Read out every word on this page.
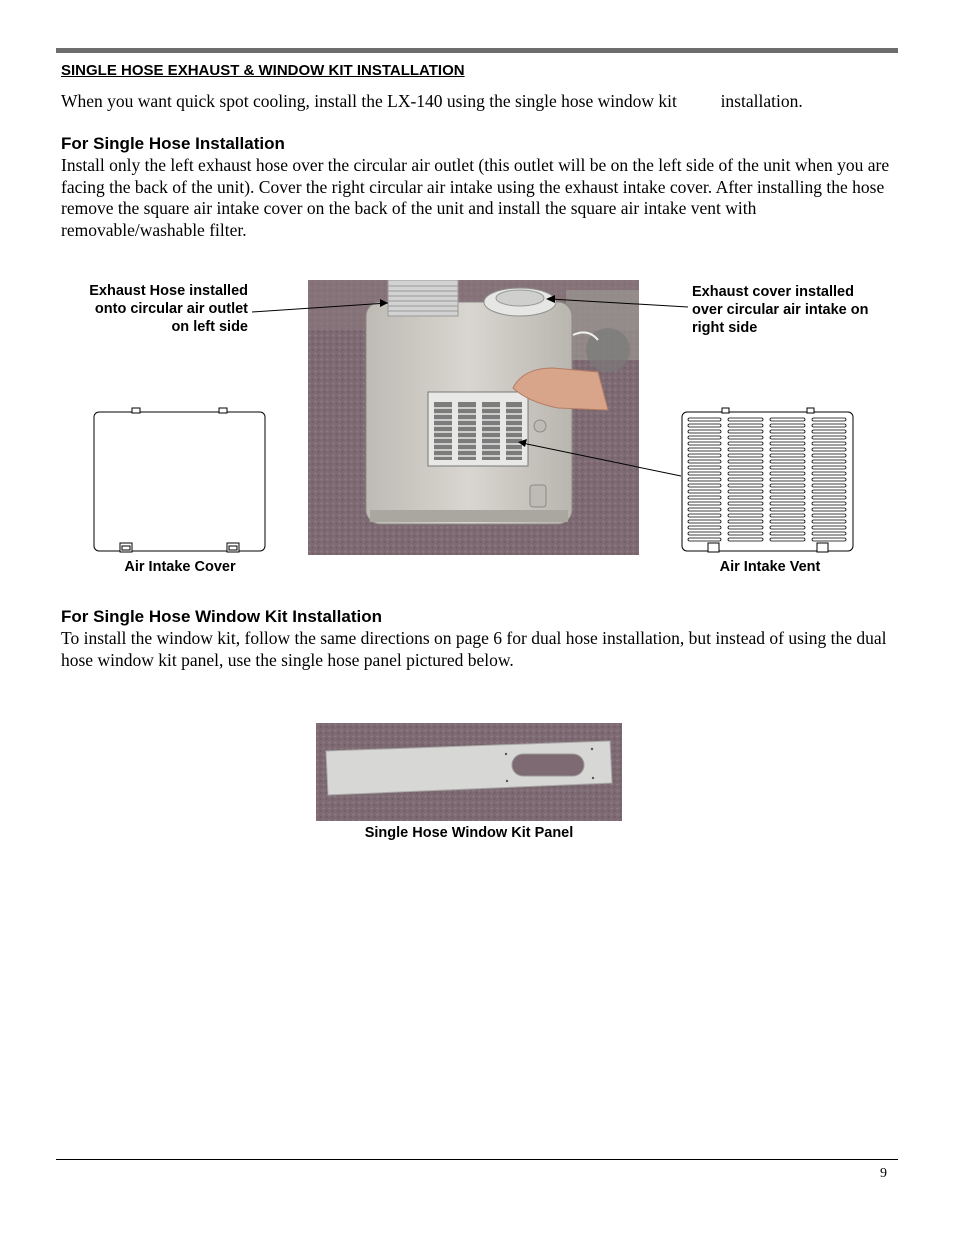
SINGLE HOSE EXHAUST & WINDOW KIT INSTALLATION

When you want quick spot cooling, install the LX-140 using the single hose window kit          installation.

For Single Hose Installation

Install only the left exhaust hose over the circular air outlet (this outlet will be on the left side of the unit when you are facing the back of the unit). Cover the right circular air intake using the exhaust intake cover. After installing the hose remove the square air intake cover on the back of the unit and install the square air intake vent with removable/washable filter.

Exhaust Hose installed
onto circular air outlet
on left side
Exhaust cover installed
over circular air intake on
right side

Air Intake Cover	Air Intake Vent

For Single Hose Window Kit Installation

To install the window kit, follow the same directions on page 6 for dual hose installation, but instead of using the dual hose window kit panel, use the single hose panel pictured below.

Single Hose Window Kit Panel

9
